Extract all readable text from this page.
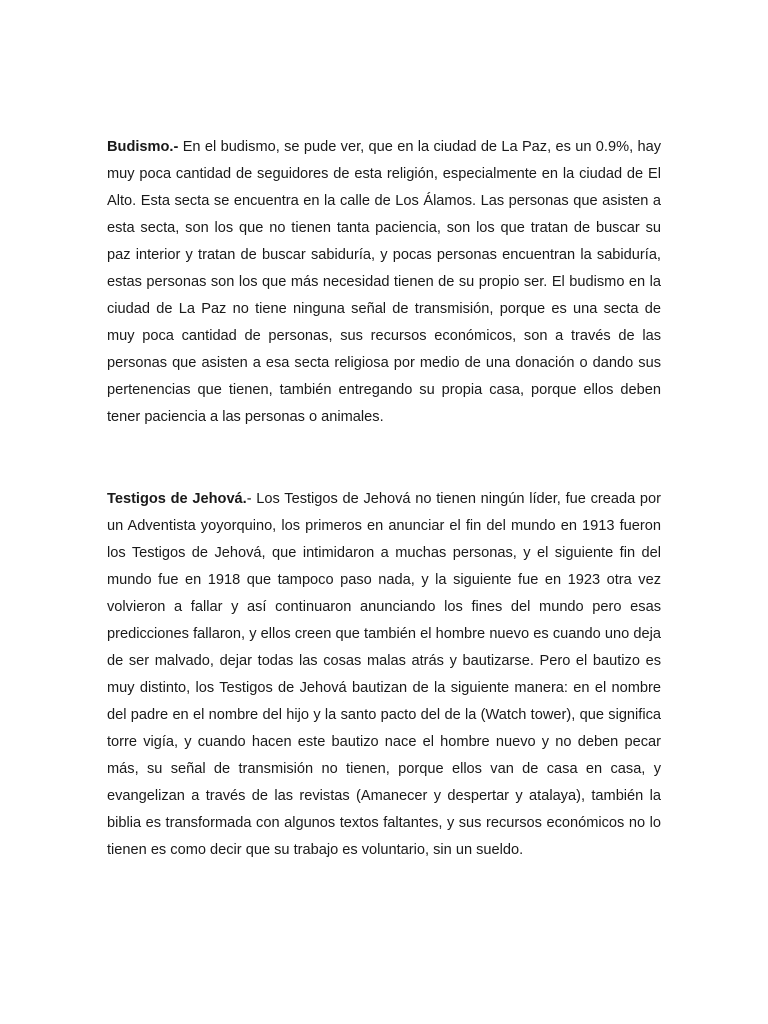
Budismo.- En el budismo, se pude ver, que en la ciudad de La Paz, es un 0.9%, hay muy poca cantidad de seguidores de esta religión, especialmente en la ciudad de El Alto. Esta secta se encuentra en la calle de Los Álamos. Las personas que asisten a esta secta, son los que no tienen tanta paciencia, son los que tratan de buscar su paz interior y tratan de buscar sabiduría, y pocas personas encuentran la sabiduría, estas personas son los que más necesidad tienen de su propio ser. El budismo en la ciudad de La Paz no tiene ninguna señal de transmisión, porque es una secta de muy poca cantidad de personas, sus recursos económicos, son a través de las personas que asisten a esa secta religiosa por medio de una donación o dando sus pertenencias que tienen, también entregando su propia casa, porque ellos deben tener paciencia a las personas o animales.

Testigos de Jehová.- Los Testigos de Jehová no tienen ningún líder, fue creada por un Adventista yoyorquino, los primeros en anunciar el fin del mundo en 1913 fueron los Testigos de Jehová, que intimidaron a muchas personas, y el siguiente fin del mundo fue en 1918 que tampoco paso nada, y la siguiente fue en 1923 otra vez volvieron a fallar y así continuaron anunciando los fines del mundo pero esas predicciones fallaron, y ellos creen que también el hombre nuevo es cuando uno deja de ser malvado, dejar todas las cosas malas atrás y bautizarse. Pero el bautizo es muy distinto, los Testigos de Jehová bautizan de la siguiente manera: en el nombre del padre en el nombre del hijo y la santo pacto del de la (Watch tower), que significa torre vigía, y cuando hacen este bautizo nace el hombre nuevo y no deben pecar más, su señal de transmisión no tienen, porque ellos van de casa en casa, y evangelizan a través de las revistas (Amanecer y despertar y atalaya), también la biblia es transformada con algunos textos faltantes, y sus recursos económicos no lo tienen es como decir que su trabajo es voluntario, sin un sueldo.
